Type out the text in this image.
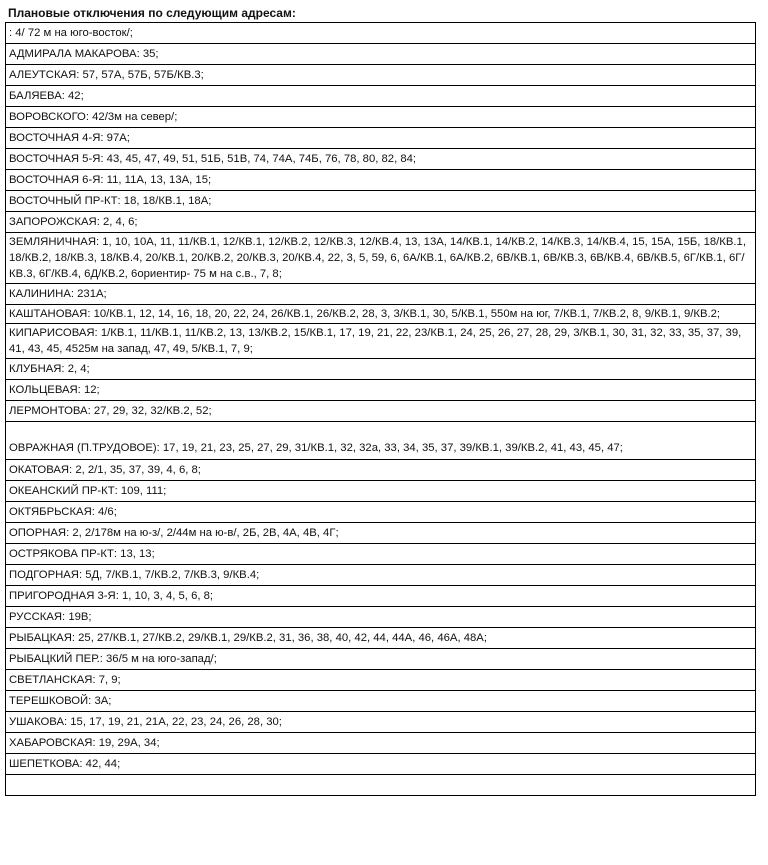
Плановые отключения по следующим адресам:
: 4/ 72 м на юго-восток/;
АДМИРАЛА МАКАРОВА: 35;
АЛЕУТСКАЯ: 57, 57А, 57Б, 57Б/КВ.3;
БАЛЯЕВА: 42;
ВОРОВСКОГО: 42/3м на север/;
ВОСТОЧНАЯ 4-Я: 97А;
ВОСТОЧНАЯ 5-Я: 43, 45, 47, 49, 51, 51Б, 51В, 74, 74А, 74Б, 76, 78, 80, 82, 84;
ВОСТОЧНАЯ 6-Я: 11, 11А, 13, 13А, 15;
ВОСТОЧНЫЙ ПР-КТ: 18, 18/КВ.1, 18А;
ЗАПОРОЖСКАЯ: 2, 4, 6;
ЗЕМЛЯНИЧНАЯ: 1, 10, 10А, 11, 11/КВ.1, 12/КВ.1, 12/КВ.2, 12/КВ.3, 12/КВ.4, 13, 13А, 14/КВ.1, 14/КВ.2, 14/КВ.3, 14/КВ.4, 15, 15А, 15Б, 18/КВ.1, 18/КВ.2, 18/КВ.3, 18/КВ.4, 20/КВ.1, 20/КВ.2, 20/КВ.3, 20/КВ.4, 22, 3, 5, 59, 6, 6А/КВ.1, 6А/КВ.2, 6В/КВ.1, 6В/КВ.3, 6В/КВ.4, 6В/КВ.5, 6Г/КВ.1, 6Г/КВ.3, 6Г/КВ.4, 6Д/КВ.2, 6ориентир- 75 м на с.в., 7, 8;
КАЛИНИНА: 231А;
КАШТАНОВАЯ: 10/КВ.1, 12, 14, 16, 18, 20, 22, 24, 26/КВ.1, 26/КВ.2, 28, 3, 3/КВ.1, 30, 5/КВ.1, 550м на юг, 7/КВ.1, 7/КВ.2, 8, 9/КВ.1, 9/КВ.2;
КИПАРИСОВАЯ: 1/КВ.1, 11/КВ.1, 11/КВ.2, 13, 13/КВ.2, 15/КВ.1, 17, 19, 21, 22, 23/КВ.1, 24, 25, 26, 27, 28, 29, 3/КВ.1, 30, 31, 32, 33, 35, 37, 39, 41, 43, 45, 4525м на запад, 47, 49, 5/КВ.1, 7, 9;
КЛУБНАЯ: 2, 4;
КОЛЬЦЕВАЯ: 12;
ЛЕРМОНТОВА: 27, 29, 32, 32/КВ.2, 52;
ОВРАЖНАЯ (П.ТРУДОВОЕ): 17, 19, 21, 23, 25, 27, 29, 31/КВ.1, 32, 32а, 33, 34, 35, 37, 39/КВ.1, 39/КВ.2, 41, 43, 45, 47;
ОКАТОВАЯ: 2, 2/1, 35, 37, 39, 4, 6, 8;
ОКЕАНСКИЙ ПР-КТ: 109, 111;
ОКТЯБРЬСКАЯ: 4/6;
ОПОРНАЯ: 2, 2/178м на ю-з/, 2/44м на ю-в/, 2Б, 2В, 4А, 4В, 4Г;
ОСТРЯКОВА ПР-КТ: 13, 13;
ПОДГОРНАЯ: 5Д, 7/КВ.1, 7/КВ.2, 7/КВ.3, 9/КВ.4;
ПРИГОРОДНАЯ 3-Я: 1, 10, 3, 4, 5, 6, 8;
РУССКАЯ: 19В;
РЫБАЦКАЯ: 25, 27/КВ.1, 27/КВ.2, 29/КВ.1, 29/КВ.2, 31, 36, 38, 40, 42, 44, 44А, 46, 46А, 48А;
РЫБАЦКИЙ ПЕР.: 36/5 м на юго-запад/;
СВЕТЛАНСКАЯ: 7, 9;
ТЕРЕШКОВОЙ: 3А;
УШАКОВА: 15, 17, 19, 21, 21А, 22, 23, 24, 26, 28, 30;
ХАБАРОВСКАЯ: 19, 29А, 34;
ШЕПЕТКОВА: 42, 44;
